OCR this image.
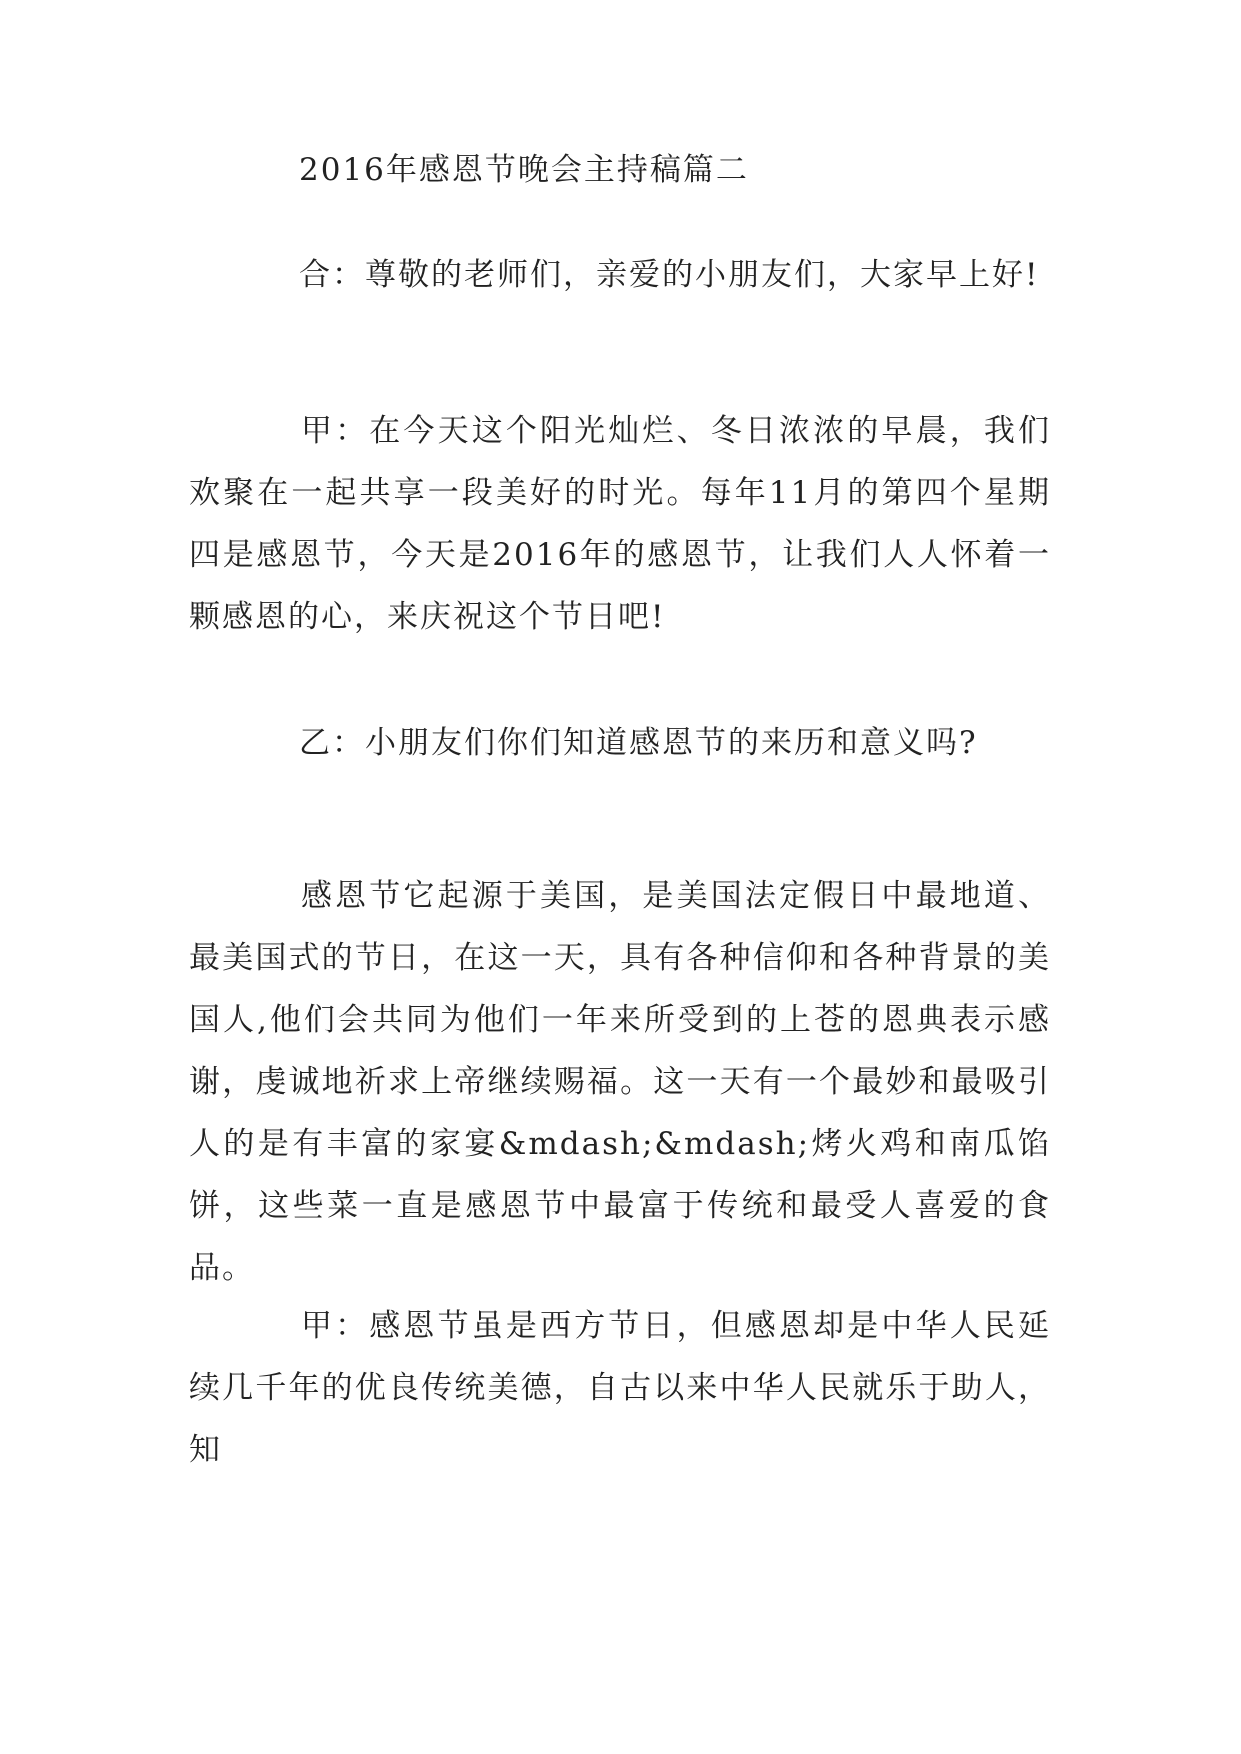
2016年感恩节晚会主持稿篇二
合：尊敬的老师们，亲爱的小朋友们，大家早上好!
甲：在今天这个阳光灿烂、冬日浓浓的早晨，我们欢聚在一起共享一段美好的时光。每年11月的第四个星期四是感恩节，今天是2016年的感恩节，让我们人人怀着一颗感恩的心，来庆祝这个节日吧!
乙：小朋友们你们知道感恩节的来历和意义吗?
感恩节它起源于美国，是美国法定假日中最地道、最美国式的节日，在这一天，具有各种信仰和各种背景的美国人,他们会共同为他们一年来所受到的上苍的恩典表示感谢，虔诚地祈求上帝继续赐福。这一天有一个最妙和最吸引人的是有丰富的家宴&mdash;&mdash;烤火鸡和南瓜馅饼，这些菜一直是感恩节中最富于传统和最受人喜爱的食品。
甲：感恩节虽是西方节日，但感恩却是中华人民延续几千年的优良传统美德，自古以来中华人民就乐于助人，知
